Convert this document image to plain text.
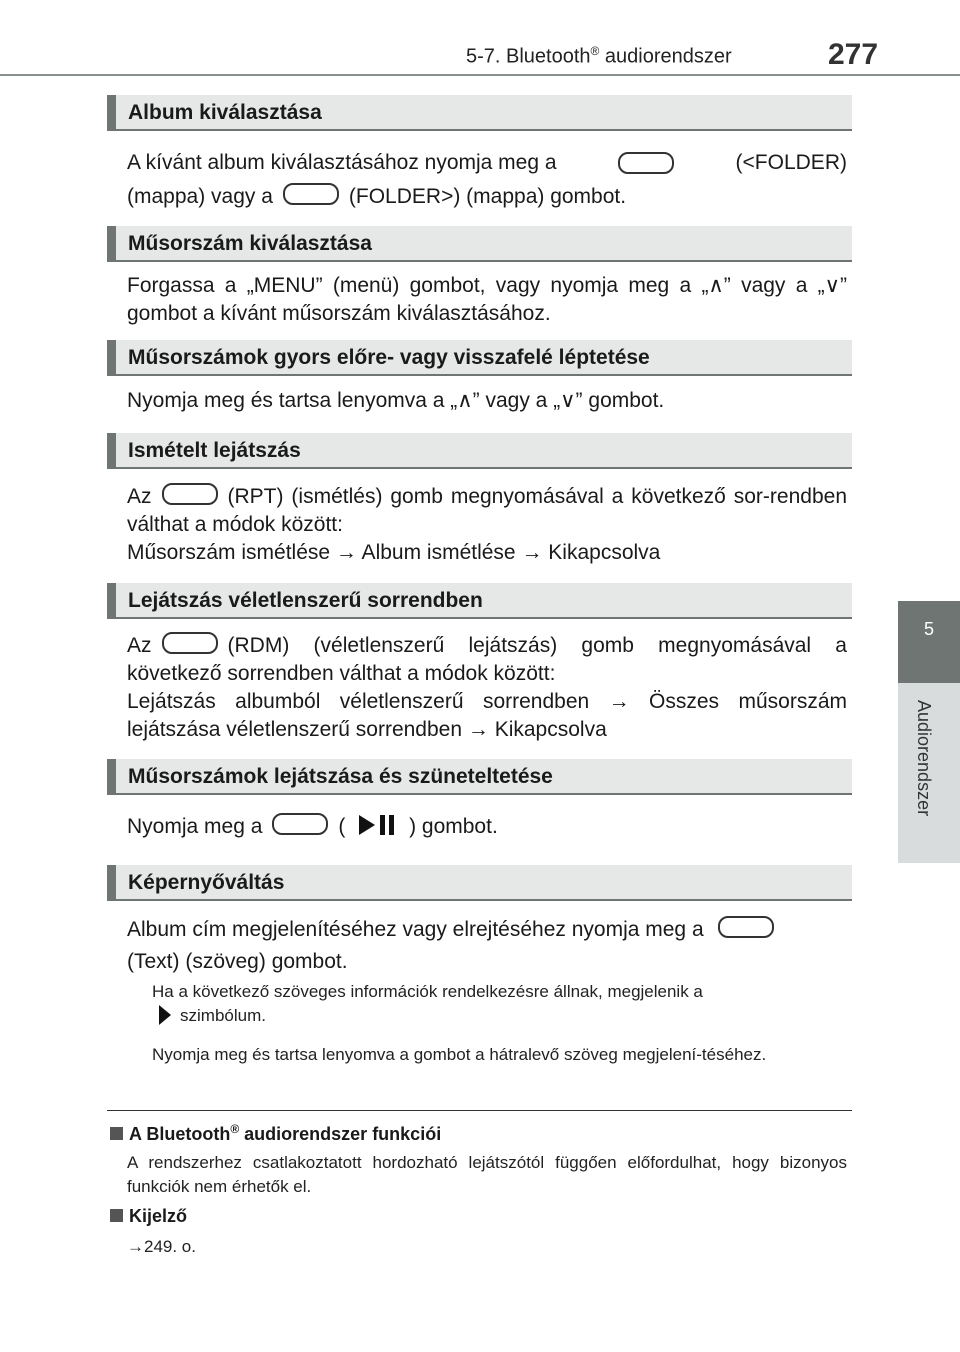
5-7. Bluetooth® audiorendszer	277
5
Audiorendszer
Album kiválasztása
A kívánt album kiválasztásához nyomja meg a	(<FOLDER)
(mappa) vagy a	(FOLDER>) (mappa) gombot.
Műsorszám kiválasztása
Forgassa a „MENU” (menü) gombot, vagy nyomja meg a „∧” vagy a „∨” gombot a kívánt műsorszám kiválasztásához.
Műsorszámok gyors előre- vagy visszafelé léptetése
Nyomja meg és tartsa lenyomva a „∧” vagy a „∨” gombot.
Ismételt lejátszás
Az	(RPT) (ismétlés) gomb megnyomásával a következő sor-rendben válthat a módok között:
Műsorszám ismétlése → Album ismétlése → Kikapcsolva
Lejátszás véletlenszerű sorrendben
Az	(RDM) (véletlenszerű lejátszás) gomb megnyomásával a következő sorrendben válthat a módok között:
Lejátszás albumból véletlenszerű sorrendben → Összes műsorszám lejátszása véletlenszerű sorrendben → Kikapcsolva
Műsorszámok lejátszása és szüneteltetése
Nyomja meg a	(	) gombot.
Képernyőváltás
Album cím megjelenítéséhez vagy elrejtéséhez nyomja meg a
(Text) (szöveg) gombot.
Ha a következő szöveges információk rendelkezésre állnak, megjelenik a
szimbólum.
Nyomja meg és tartsa lenyomva a gombot a hátralevő szöveg megjelení-téséhez.
A Bluetooth® audiorendszer funkciói
A rendszerhez csatlakoztatott hordozható lejátszótól függően előfordulhat, hogy bizonyos funkciók nem érhetők el.
Kijelző
→249. o.
